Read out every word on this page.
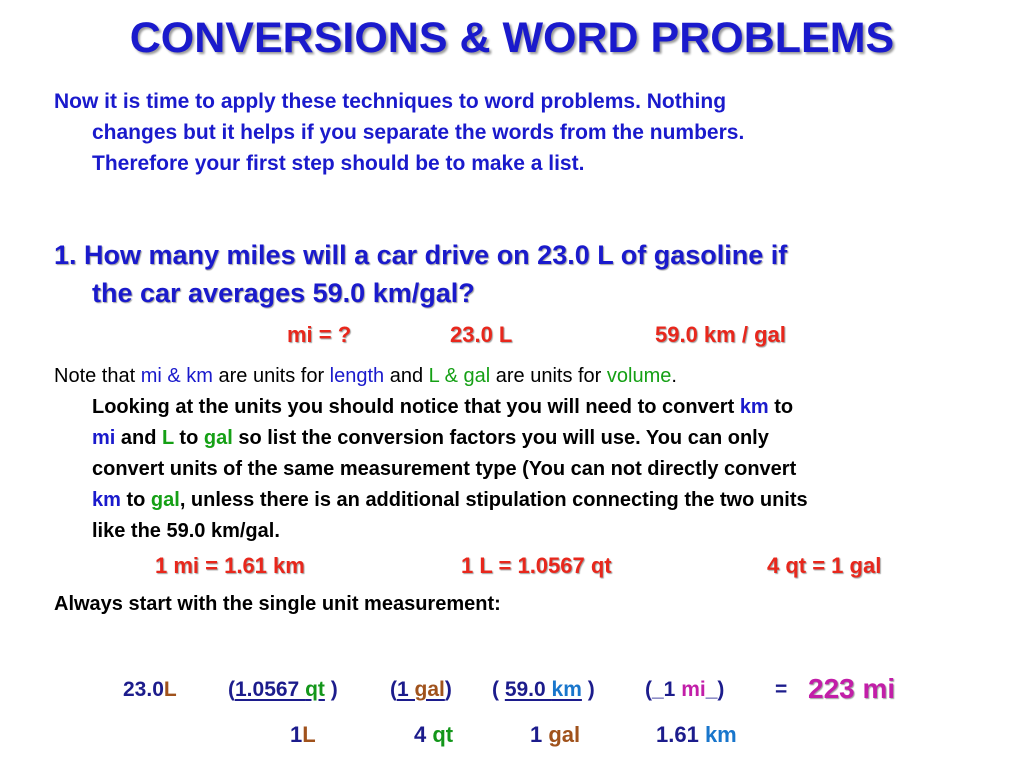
CONVERSIONS & WORD PROBLEMS
Now it is time to apply these techniques to word problems. Nothing
changes but it helps if you separate the words from the numbers.
Therefore your first step should be to make a list.
1. How many miles will a car drive on 23.0 L of gasoline if
the car averages 59.0 km/gal?
mi = ?	23.0 L	59.0 km / gal
Note that mi & km are units for length and L & gal are units for volume.
Looking at the units you should notice that you will need to convert km to
mi and L to gal so list the conversion factors you will use. You can only
convert units of the same measurement type (You can not directly convert
km to gal, unless there is an additional stipulation connecting the two units
like the 59.0 km/gal.
1 mi = 1.61 km	1 L = 1.0567 qt	4 qt = 1 gal
Always start with the single unit measurement:
23.0L (1.0567 qt ) (1 gal) ( 59.0 km ) (_1 mi_) = 223 mi
1L	4 qt	1 gal	1.61 km
